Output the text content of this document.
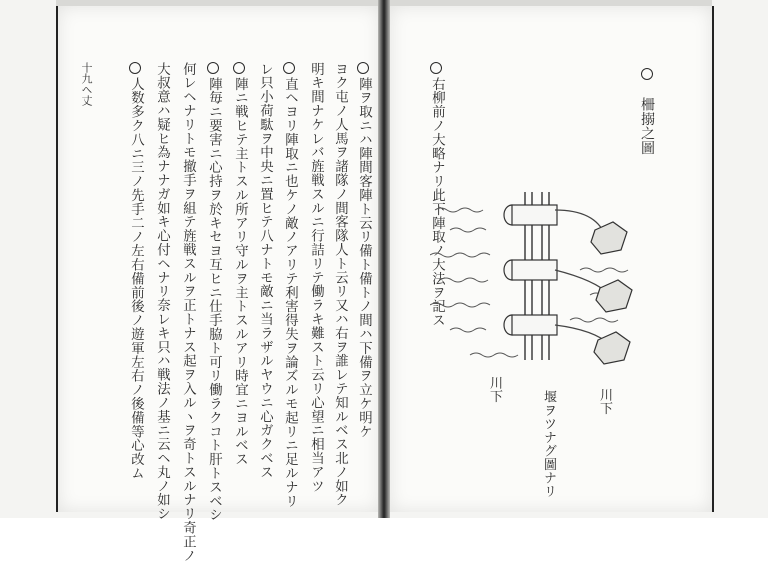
陣ヲ取ニハ陣間客陣ト云リ備ト備トノ間ハ下備ヲ立ケ明ケ
ヨク屯ノ人馬ヲ諸隊ノ間客隊人ト云リ又ハ右ヲ誰レテ知ルベス北ノ如ク
明キ間ナケレバ旌戦スルニ行詰リテ働ラキ難スト云リ心望ニ相当アツ
直ヘヨリ陣取ニ也ケノ敵ノアリテ利害得失ヲ論ズルモ起リニ足ルナリ
レ只小荷駄ヲ中央ニ置ヒテ八ナトモ敵ニ当ラザルヤウニ心ガクベス
陣ニ戦ヒテ主トスル所アリ守ルヲ主トスルアリ時宜ニヨルベス
陣毎ニ要害ニ心持ヲ於キセヨ互ヒニ仕手脇ト可リ働ラクコト肝トスベシ
何レヘナリトモ撤手ヲ組テ旌戦スルヲ正トナス起ヲ入ルヽヲ奇トスルナリ奇正ノ
大叔意ハ疑ヒ為ナナガ如キ心付ヘナリ奈レキ只ハ戦法ノ基ニ云ヘ丸ノ如シ
人数多ク八ニ三ノ先手二ノ左右備前後ノ遊軍左右ノ後備等心改ム
十九ヘ丈
柵搦之圖
右柳前ノ大略ナリ此下陣取ノ大法ヲ記ス
川下
川下
堰ヲツナグ圖ナリ
